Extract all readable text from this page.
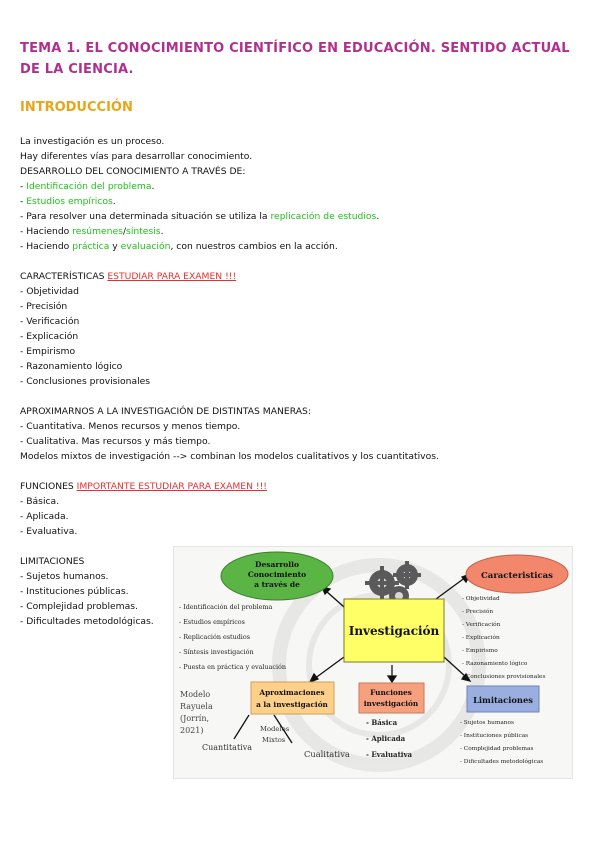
TEMA 1. EL CONOCIMIENTO CIENTÍFICO EN EDUCACIÓN. SENTIDO ACTUAL DE LA CIENCIA.
INTRODUCCIÓN
La investigación es un proceso.
Hay diferentes vías para desarrollar conocimiento.
DESARROLLO DEL CONOCIMIENTO A TRAVÉS DE:
- Identificación del problema.
- Estudios empíricos.
- Para resolver una determinada situación se utiliza la replicación de estudios.
- Haciendo resúmenes/síntesis.
- Haciendo práctica y evaluación, con nuestros cambios en la acción.
CARACTERÍSTICAS ESTUDIAR PARA EXAMEN !!!
- Objetividad
- Precisión
- Verificación
- Explicación
- Empirismo
- Razonamiento lógico
- Conclusiones provisionales
APROXIMARNOS A LA INVESTIGACIÓN DE DISTINTAS MANERAS:
- Cuantitativa. Menos recursos y menos tiempo.
- Cualitativa. Mas recursos y más tiempo.
Modelos mixtos de investigación --> combinan los modelos cualitativos y los cuantitativos.
FUNCIONES IMPORTANTE ESTUDIAR PARA EXAMEN !!!
- Básica.
- Aplicada.
- Evaluativa.
LIMITACIONES
- Sujetos humanos.
- Instituciones públicas.
- Complejidad problemas.
- Dificultades metodológicas.
Investigación
Desarrollo
Conocimiento
a través de
- Identificación del problema
- Estudios empíricos
- Replicación estudios
- Síntesis investigación
- Puesta en práctica y evaluación
Caracteristicas
- Objetividad
- Precisión
- Verificación
- Explicación
- Empirismo
- Razonamiento lógico
- Conclusiones provisionales
Limitaciones
- Sujetos humanos
- Instituciones públicas
- Complejidad problemas
- Dificultades metodológicas
Funciones
investigación
- Básica
- Aplicada
- Evaluativa
Aproximaciones
a la investigación
Modelo
Rayuela
(Jorrín,
2021)	Modelos
Mixtos
Cuantitativa
Cualitativa
